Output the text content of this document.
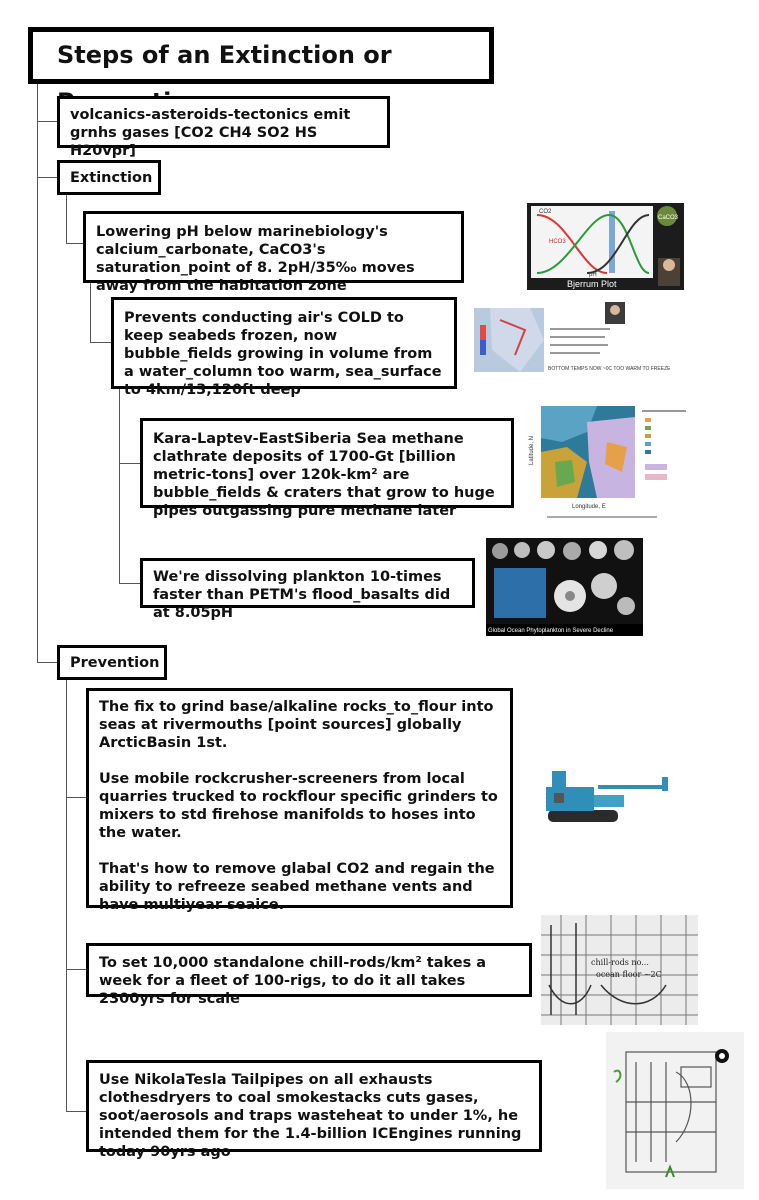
Steps of an Extinction or
volcanics-asteroids-tectonics emit grnhs gases [CO2 CH4 SO2 HS H20vpr]
Extinction
Lowering pH below marinebiology's calcium_carbonate, CaCO3's saturation_point of 8. 2pH/35‰ moves away from the habitation zone
Prevents conducting air's COLD to keep seabeds frozen, now bubble_fields growing in volume from a water_column too warm, sea_surface to 4km/13,120ft deep
Kara-Laptev-EastSiberia Sea methane clathrate deposits of 1700-Gt [billion metric-tons] over 120k-km² are bubble_fields & craters that grow to huge pipes outgassing pure methane later
We're dissolving plankton 10-times faster than PETM's flood_basalts did at 8.05pH
Prevention

The fix to grind base/alkaline rocks_to_flour into seas at rivermouths [point sources] globally ArcticBasin 1st.

Use mobile rockcrusher-screeners from local quarries trucked to rockflour specific grinders to mixers to std firehose manifolds to hoses into the water.

That's how to remove glabal CO2 and regain the ability to refreeze seabed methane vents and have multiyear seaice.

To set 10,000 standalone chill-rods/km² takes a week for a fleet of 100-rigs, to do it all takes 2300yrs for scale
Use NikolaTesla Tailpipes on all exhausts clothesdryers to coal smokestacks cuts gases, soot/aerosols and traps wasteheat to under 1%, he intended them for the 1.4-billion ICEngines running today 90yrs ago
CO2
HCO3
pH
CaCO3
Bjerrum Plot
BOTTOM TEMPS NOW ~0C TOO WARM TO FREEZE
Latitude, N
Longitude, E
Global Ocean Phytoplankton in Severe Decline
chill-rods no...
ocean floor ~2C
